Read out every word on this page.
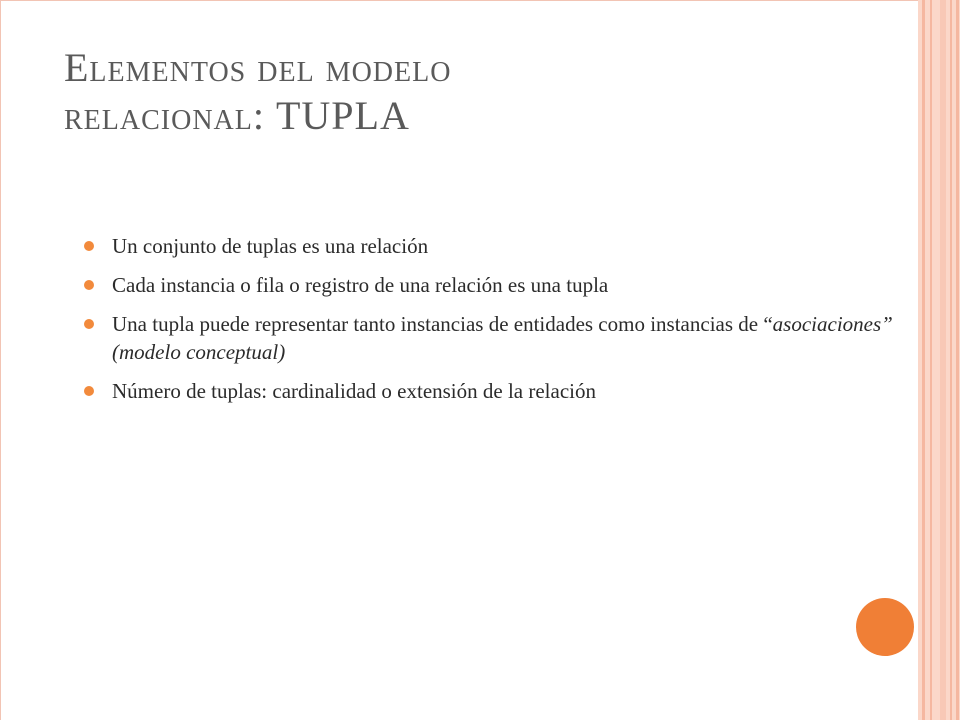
Elementos del modelo
relacional: TUPLA
Un conjunto de tuplas es una relación
Cada instancia o fila o registro de una relación es una tupla
Una tupla puede representar tanto instancias de entidades como instancias de “asociaciones” (modelo conceptual)
Número de tuplas: cardinalidad o extensión de la relación
